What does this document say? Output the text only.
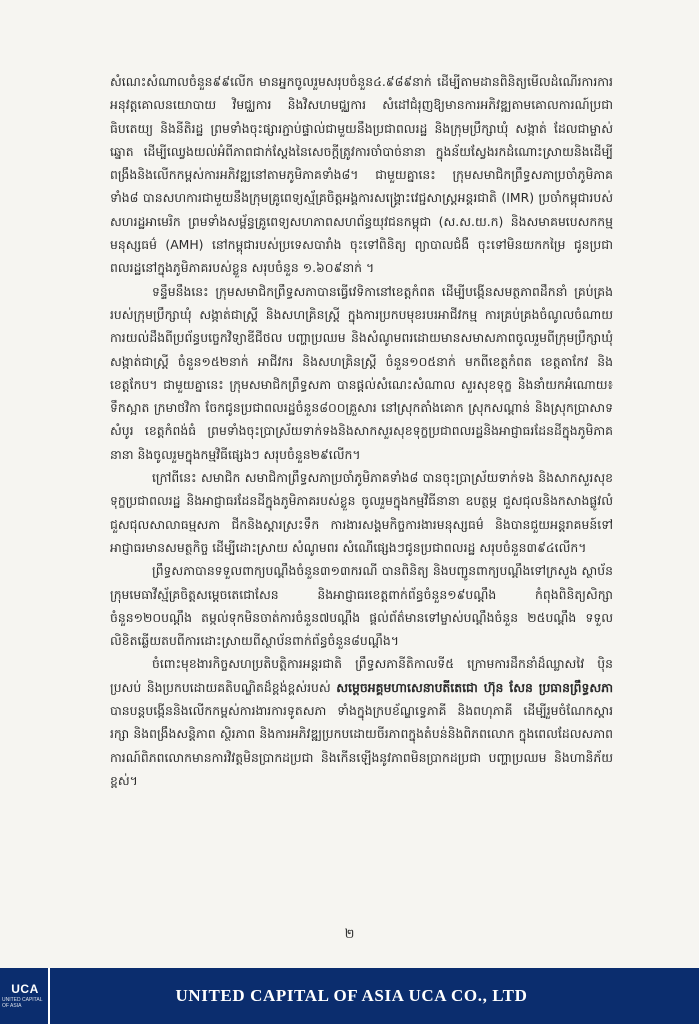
សំណេះសំណាលចំនួន៩៩លើក មានអ្នកចូលរួមសរុបចំនួន៤.៩៨៩នាក់ ដើម្បីតាមដានពិនិត្យមើលដំណើរការការអនុវត្តគោលនយោបាយ វិមជ្ឈការ និងវិសហមជ្ឈការ សំដៅជំរុញឱ្យមានការអភិវឌ្ឍតាមគោលការណ៍ប្រជាធិបតេយ្យ និងនីតិរដ្ឋ ព្រមទាំងចុះផ្សារភ្ជាប់ផ្ទាល់ជាមួយនឹងប្រជាពលរដ្ឋ និងក្រុមប្រឹក្សាឃុំ សង្កាត់ ដែលជាម្ចាស់ឆ្នោត ដើម្បីឈ្វេងយល់អំពីភាពជាក់ស្តែងនៃសេចក្តីត្រូវការចាំបាច់នានា ក្នុងន័យស្វែងរកដំណោះស្រាយនិងដើម្បីពង្រឹងនិងលើកកម្ពស់ការអភិវឌ្ឍនៅតាមភូមិភាគទាំង៨។ ជាមួយគ្នានេះ ក្រុមសមាជិកព្រឹទ្ធសភាប្រចាំភូមិភាគទាំង៨ បានសហការជាមួយនឹងក្រុមគ្រូពេទ្យស្ម័គ្រចិត្តអង្គការសង្គ្រោះវេជ្ជសាស្ត្រអន្តរជាតិ (IMR) ប្រចាំកម្ពុជារបស់សហរដ្ឋអាមេរិក ព្រមទាំងសម្ព័ន្ធគ្រូពេទ្យសហភាពសហព័ន្ធយុវជនកម្ពុជា (ស.ស.យ.ក) និងសមាគមបេសកកម្មមនុស្សធម៌ (AMH) នៅកម្ពុជារបស់ប្រទេសបារាំង ចុះទៅពិនិត្យ ព្យាបាលជំងឺ ចុះទៅមិនយកកម្រៃ ជូនប្រជាពលរដ្ឋនៅក្នុងភូមិភាគរបស់ខ្លួន សរុបចំនួន ១.៦០៩នាក់ ។

ទន្ទឹមនឹងនេះ ក្រុមសមាជិកព្រឹទ្ធសភាបានធ្វើវេទិកានៅខេត្តកំពត ដើម្បីបង្កើនសមត្ថភាពដឹកនាំ គ្រប់គ្រងរបស់ក្រុមប្រឹក្សាឃុំ សង្កាត់ជាស្ត្រី និងសហគ្រិនស្ត្រី ក្នុងការប្រកបមុខរបរអាជីវកម្ម ការគ្រប់គ្រងចំណូលចំណាយ ការយល់ដឹងពីប្រព័ន្ធបច្ចេកវិទ្យាឌីជីថល បញ្ហាប្រឈម និងសំណូមពរដោយមានសមាសភាពចូលរួមពីក្រុមប្រឹក្សាឃុំ សង្កាត់ជាស្ត្រី ចំនួន១៥២នាក់ អាជីវករ និងសហគ្រិនស្ត្រី ចំនួន១០៥នាក់ មកពីខេត្តកំពត ខេត្តតាកែវ និងខេត្តកែប។ ជាមួយគ្នានេះ ក្រុមសមាជិកព្រឹទ្ធសភា បានផ្តល់សំណេះសំណាល សួរសុខទុក្ខ និងនាំយកអំណោយ៖ ទឹកស្អាត ក្រមាថវិកា ចែកជូនប្រជាពលរដ្ឋចំនួន៨០០គ្រួសារ នៅស្រុកតាំងគោក ស្រុកសណ្តាន់ និងស្រុកប្រាសាទសំបូរ ខេត្តកំពង់ធំ ព្រមទាំងចុះប្រាស្រ័យទាក់ទងនិងសាកសួរសុខទុក្ខប្រជាពលរដ្ឋនិងអាជ្ញាធរដែនដីក្នុងភូមិភាគនានា និងចូលរួមក្នុងកម្មវិធីផ្សេងៗ សរុបចំនួន២៩លើក។

ក្រៅពីនេះ សមាជិក សមាជិកាព្រឹទ្ធសភាប្រចាំភូមិភាគទាំង៨ បានចុះប្រាស្រ័យទាក់ទង និងសាកសួរសុខទុក្ខប្រជាពលរដ្ឋ និងអាជ្ញាធរដែនដីក្នុងភូមិភាគរបស់ខ្លួន ចូលរួមក្នុងកម្មវិធីនានា ឧបត្ថម្ភ ជួសជុលនិងកសាងផ្លូវលំ ជួសជុលសាលាធម្មសភា ជីកនិងស្តារស្រះទឹក ការងារសង្គមកិច្ចការងារមនុស្សធម៌ និងបានជួយអន្តរាគមន៍ទៅអាជ្ញាធរមានសមត្ថកិច្ច ដើម្បីដោះស្រាយ សំណូមពរ សំណើផ្សេងៗជូនប្រជាពលរដ្ឋ សរុបចំនួន៣៩៤លើក។

ព្រឹទ្ធសភាបានទទួលពាក្យបណ្តឹងចំនួន៣១៣ករណី បានពិនិត្យ និងបញ្ជូនពាក្យបណ្តឹងទៅក្រសួង ស្ថាប័ន ក្រុមមេធាវីស្ម័គ្រចិត្តសម្តេចតេជោសែន និងអាជ្ញាធរខេត្តពាក់ព័ន្ធចំនួន១៩បណ្តឹង កំពុងពិនិត្យសិក្សាចំនួន១២០បណ្តឹង តម្កល់ទុកមិនចាត់ការចំនួន៧បណ្តឹង ផ្តល់ព័ត៌មានទៅម្ចាស់បណ្តឹងចំនួន ២៥បណ្តឹង ទទួលលិខិតឆ្លើយតបពីការដោះស្រាយពីស្ថាប័នពាក់ព័ន្ធចំនួន៨បណ្តឹង។

ចំពោះមុខងារកិច្ចសហប្រតិបត្តិការអន្តរជាតិ ព្រឹទ្ធសភានីតិកាលទី៥ ក្រោមការដឹកនាំដ៏ឈ្លាសវៃ ប៉ិនប្រសប់ និងប្រកបដោយគតិបណ្ឌិតដ៏ខ្ពង់ខ្ពស់របស់ សម្តេចអគ្គមហាសេនាបតីតេជោ ហ៊ុន សែន ប្រធានព្រឹទ្ធសភា បានបន្តបង្កើននិងលើកកម្ពស់ការងារការទូតសភា ទាំងក្នុងក្របខ័ណ្ឌទ្វេភាគី និងពហុភាគី ដើម្បីរួមចំណែកស្តារ រក្សា និងពង្រឹងសន្តិភាព ស្ថិរភាព និងការអភិវឌ្ឍប្រកបដោយចីរភាពក្នុងតំបន់និងពិភពលោក ក្នុងពេលដែលសភាពការណ៍ពិភពលោកមានការវិវត្តមិនប្រាកដប្រជា និងកើនឡើងនូវភាពមិនប្រាកដប្រជា បញ្ហាប្រឈម និងហានិភ័យខ្ពស់។

២
UCA
UNITED CAPITAL OF ASIA
UNITED CAPITAL OF ASIA UCA CO., LTD
